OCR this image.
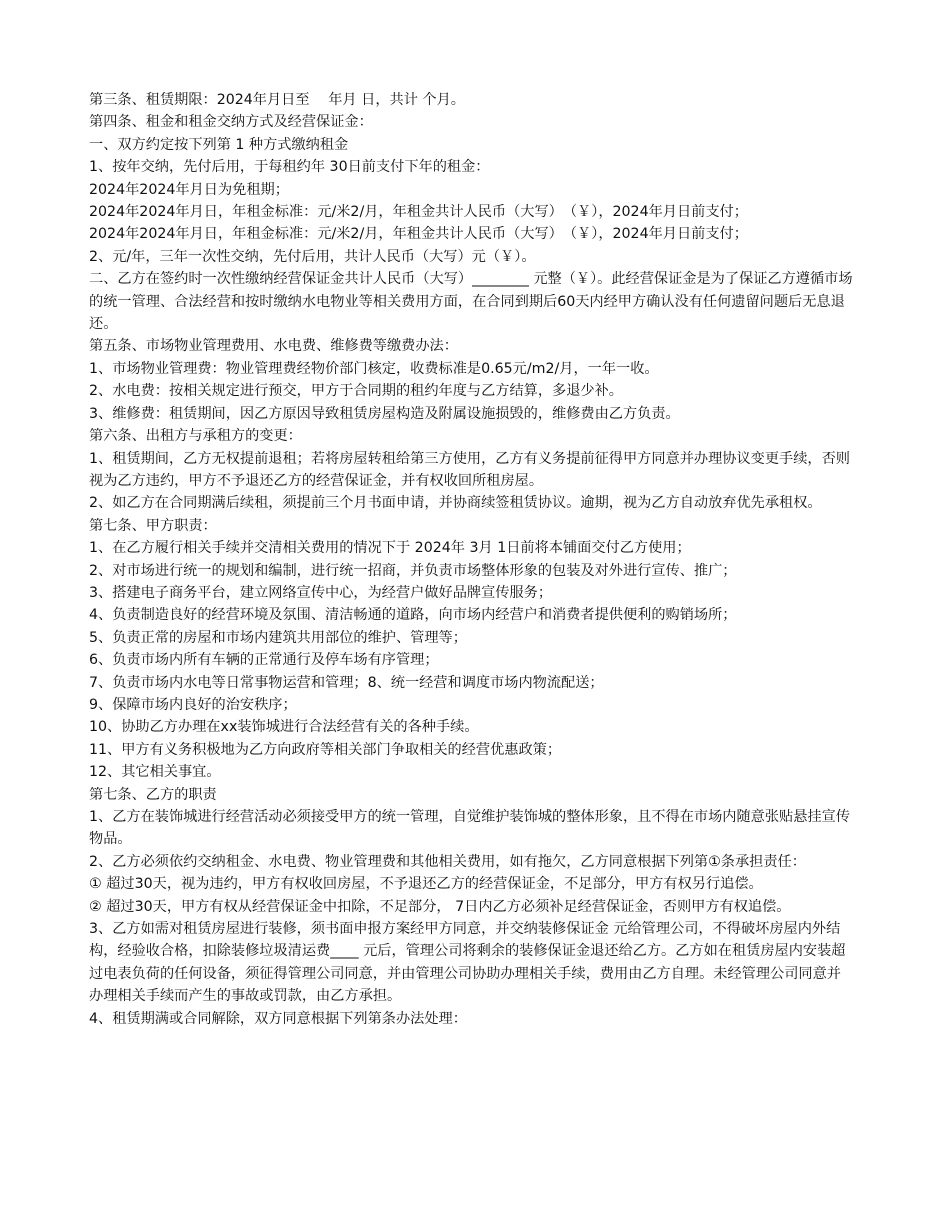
第三条、租赁期限：2024年月日至　 年月 日，共计 个月。

第四条、租金和租金交纳方式及经营保证金：

一、双方约定按下列第 1 种方式缴纳租金

1、按年交纳，先付后用，于每租约年 30日前支付下年的租金：

2024年2024年月日为免租期；

2024年2024年月日，年租金标准：元/米2/月，年租金共计人民币（大写）　（￥），2024年月日前支付；

2024年2024年月日，年租金标准：元/米2/月，年租金共计人民币（大写）　（￥），2024年月日前支付；

2、元/年，三年一次性交纳，先付后用，共计人民币（大写）元（￥）。

二、乙方在签约时一次性缴纳经营保证金共计人民币（大写）________ 元整（￥）。此经营保证金是为了保证乙方遵循市场的统一管理、合法经营和按时缴纳水电物业等相关费用方面，在合同到期后60天内经甲方确认没有任何遗留问题后无息退还。

第五条、市场物业管理费用、水电费、维修费等缴费办法：

1、市场物业管理费：物业管理费经物价部门核定，收费标准是0.65元/m2/月，一年一收。

2、水电费：按相关规定进行预交，甲方于合同期的租约年度与乙方结算，多退少补。

3、维修费：租赁期间，因乙方原因导致租赁房屋构造及附属设施损毁的，维修费由乙方负责。

第六条、出租方与承租方的变更：

1、租赁期间，乙方无权提前退租；若将房屋转租给第三方使用，乙方有义务提前征得甲方同意并办理协议变更手续，否则视为乙方违约，甲方不予退还乙方的经营保证金，并有权收回所租房屋。

2、如乙方在合同期满后续租，须提前三个月书面申请，并协商续签租赁协议。逾期，视为乙方自动放弃优先承租权。

第七条、甲方职责：

1、在乙方履行相关手续并交清相关费用的情况下于 2024年 3月 1日前将本铺面交付乙方使用；

2、对市场进行统一的规划和编制，进行统一招商，并负责市场整体形象的包装及对外进行宣传、推广；

3、搭建电子商务平台，建立网络宣传中心，为经营户做好品牌宣传服务；

4、负责制造良好的经营环境及氛围、清洁畅通的道路，向市场内经营户和消费者提供便利的购销场所；

5、负责正常的房屋和市场内建筑共用部位的维护、管理等；

6、负责市场内所有车辆的正常通行及停车场有序管理；

7、负责市场内水电等日常事物运营和管理；8、统一经营和调度市场内物流配送；

9、保障市场内良好的治安秩序；

10、协助乙方办理在xx装饰城进行合法经营有关的各种手续。

11、甲方有义务积极地为乙方向政府等相关部门争取相关的经营优惠政策；

12、其它相关事宜。

第七条、乙方的职责

1、乙方在装饰城进行经营活动必须接受甲方的统一管理，自觉维护装饰城的整体形象，且不得在市场内随意张贴悬挂宣传物品。

2、乙方必须依约交纳租金、水电费、物业管理费和其他相关费用，如有拖欠，乙方同意根据下列第①条承担责任：

① 超过30天，视为违约，甲方有权收回房屋，不予退还乙方的经营保证金，不足部分，甲方有权另行追偿。

② 超过30天，甲方有权从经营保证金中扣除，不足部分， 7日内乙方必须补足经营保证金，否则甲方有权追偿。

3、乙方如需对租赁房屋进行装修，须书面申报方案经甲方同意，并交纳装修保证金 元给管理公司，不得破坏房屋内外结构，经验收合格，扣除装修垃圾清运费____ 元后，管理公司将剩余的装修保证金退还给乙方。乙方如在租赁房屋内安装超过电表负荷的任何设备，须征得管理公司同意，并由管理公司协助办理相关手续，费用由乙方自理。未经管理公司同意并办理相关手续而产生的事故或罚款，由乙方承担。

4、租赁期满或合同解除，双方同意根据下列第条办法处理：
